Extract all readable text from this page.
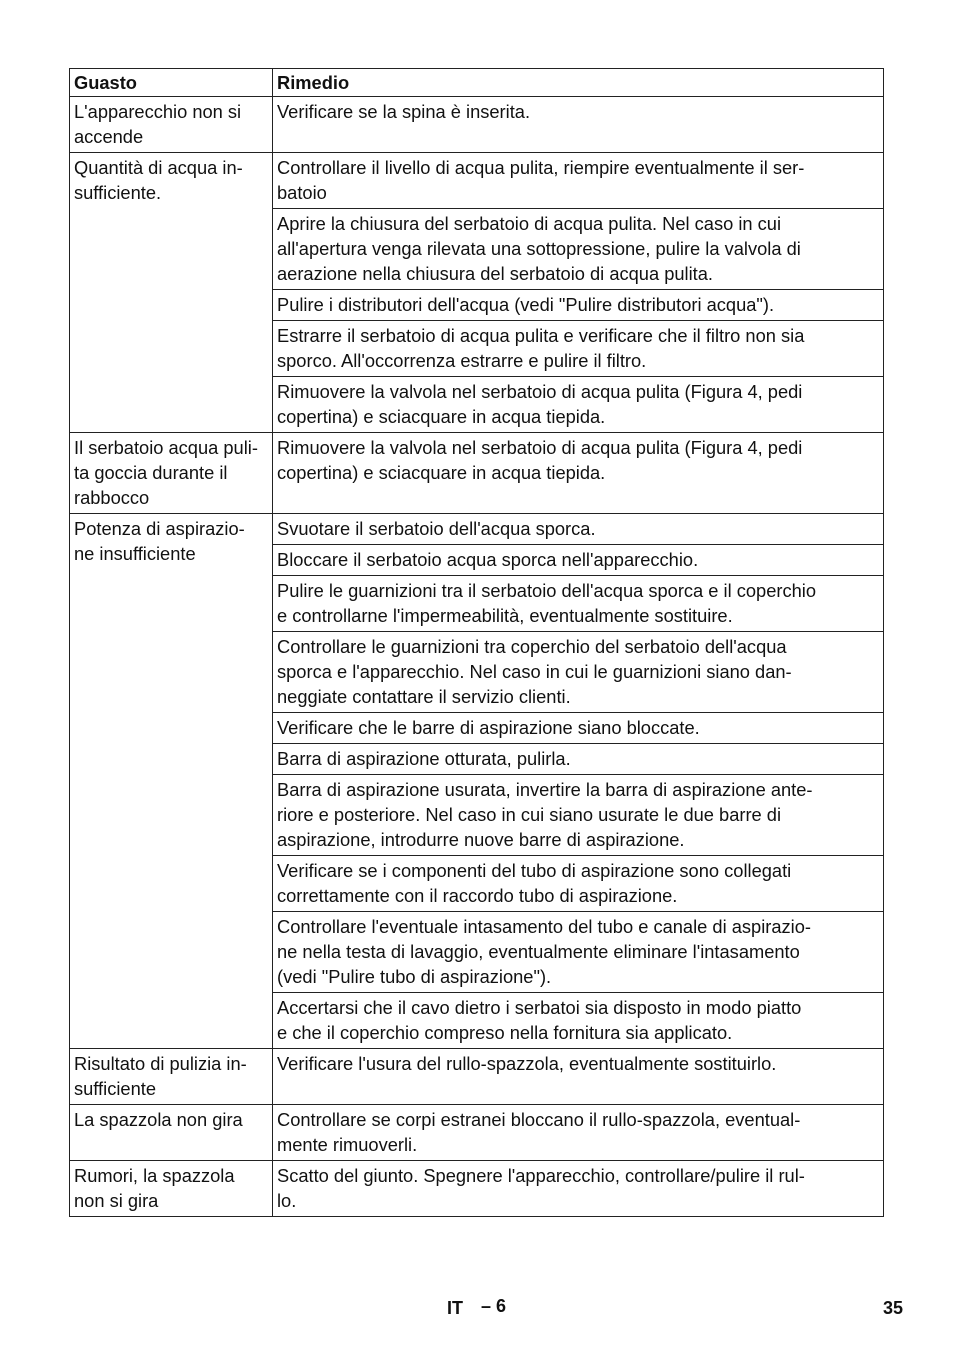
Guasto	Rimedio
L'apparecchio non si
accende	Verificare se la spina è inserita.
Quantità di acqua in-
sufficiente.	Controllare il livello di acqua pulita, riempire eventualmente il ser-
batoio
	Aprire la chiusura del serbatoio di acqua pulita. Nel caso in cui
all'apertura venga rilevata una sottopressione, pulire la valvola di
aerazione nella chiusura del serbatoio di acqua pulita.
	Pulire i distributori dell'acqua (vedi "Pulire distributori acqua").
	Estrarre il serbatoio di acqua pulita e verificare che il filtro non sia
sporco. All'occorrenza estrarre e pulire il filtro.
	Rimuovere la valvola nel serbatoio di acqua pulita (Figura 4, pedi
copertina) e sciacquare in acqua tiepida.
Il serbatoio acqua puli-
ta goccia durante il
rabbocco	Rimuovere la valvola nel serbatoio di acqua pulita (Figura 4, pedi
copertina) e sciacquare in acqua tiepida.
Potenza di aspirazio-
ne insufficiente	Svuotare il serbatoio dell'acqua sporca.
	Bloccare il serbatoio acqua sporca nell'apparecchio.
	Pulire le guarnizioni tra il serbatoio dell'acqua sporca e il coperchio
e controllarne l'impermeabilità, eventualmente sostituire.
	Controllare le guarnizioni tra coperchio del serbatoio dell'acqua
sporca e l'apparecchio. Nel caso in cui le guarnizioni siano dan-
neggiate contattare il servizio clienti.
	Verificare che le barre di aspirazione siano bloccate.
	Barra di aspirazione otturata, pulirla.
	Barra di aspirazione usurata, invertire la barra di aspirazione ante-
riore e posteriore. Nel caso in cui siano usurate le due barre di
aspirazione, introdurre nuove barre di aspirazione.
	Verificare se i componenti del tubo di aspirazione sono collegati
correttamente con il raccordo tubo di aspirazione.
	Controllare l'eventuale intasamento del tubo e canale di aspirazio-
ne nella testa di lavaggio, eventualmente eliminare l'intasamento
(vedi "Pulire tubo di aspirazione").
	Accertarsi che il cavo dietro i serbatoi sia disposto in modo piatto
e che il coperchio compreso nella fornitura sia applicato.
Risultato di pulizia in-
sufficiente	Verificare l'usura del rullo-spazzola, eventualmente sostituirlo.
La spazzola non gira	Controllare se corpi estranei bloccano il rullo-spazzola, eventual-
mente rimuoverli.
Rumori, la spazzola
non si gira	Scatto del giunto. Spegnere l'apparecchio, controllare/pulire il rul-
lo.
IT – 6	35
